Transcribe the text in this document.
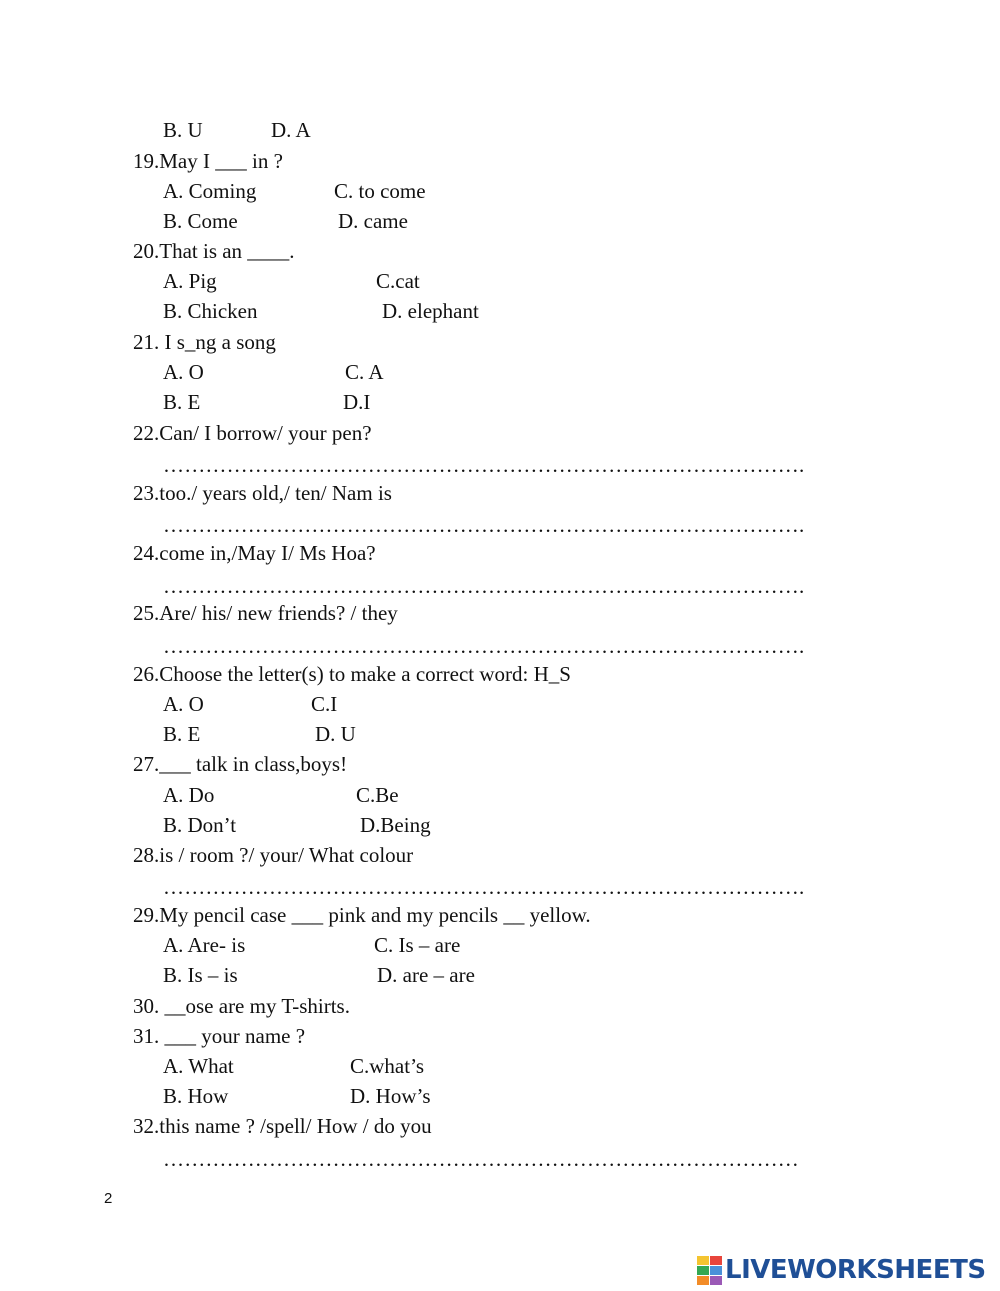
B. U	D. A
19.May I ___ in ?
A. Coming	C. to come
B. Come	D. came
20.That is an ____.
A. Pig	C.cat
B. Chicken	D. elephant
21. I s_ng a song
A. O	C. A
B. E	D.I
22.Can/ I borrow/ your pen?
……………………………………………………………………………….
23.too./ years old,/ ten/ Nam is
……………………………………………………………………………….
24.come in,/May I/ Ms Hoa?
……………………………………………………………………………….
25.Are/ his/ new friends? / they
……………………………………………………………………………….
26.Choose the letter(s) to make a correct word: H_S
A. O	C.I
B. E	D. U
27.___ talk in class,boys!
A. Do	C.Be
B. Don’t	D.Being
28.is / room ?/ your/ What colour
……………………………………………………………………………….
29.My pencil case ___ pink and my pencils __ yellow.
A. Are- is	C. Is – are
B. Is – is	D. are – are
30. __ose are my T-shirts.
31. ___ your name ?
A. What	C.what’s
B. How	D. How’s
32.this name ? /spell/ How / do you
………………………………………………………………………………
2
LIVEWORKSHEETS
